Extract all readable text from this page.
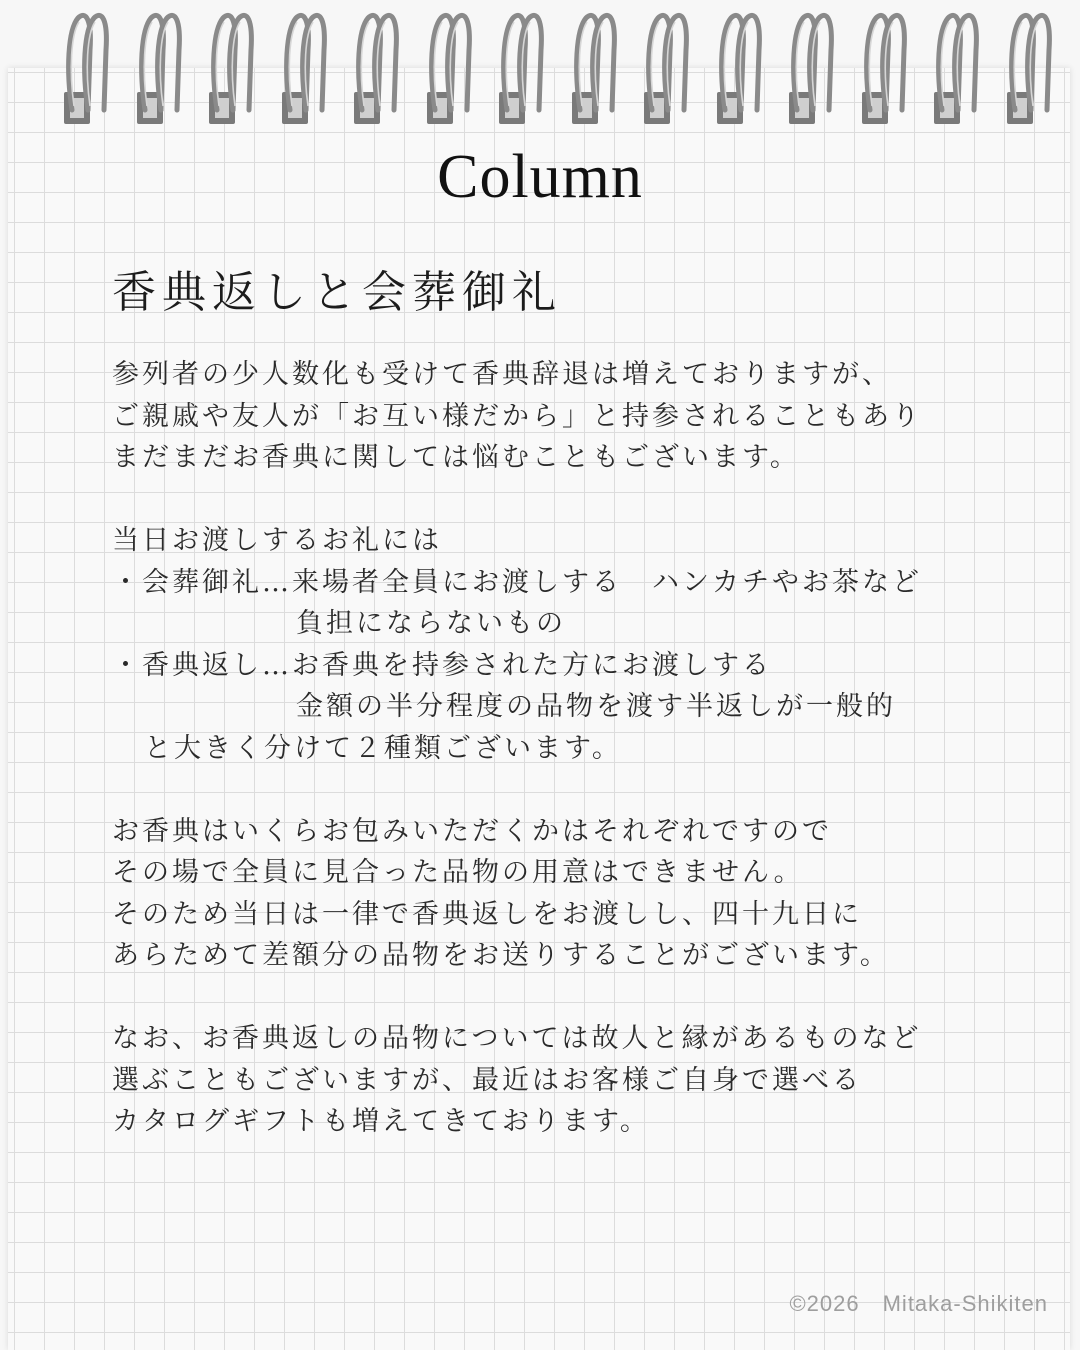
Column
香典返しと会葬御礼

参列者の少人数化も受けて香典辞退は増えておりますが、

ご親戚や友人が「お互い様だから」と持参されることもあり

まだまだお香典に関しては悩むこともございます。

当日お渡しするお礼には

・会葬御礼…来場者全員にお渡しする　ハンカチやお茶など

負担にならないもの

・香典返し…お香典を持参された方にお渡しする

金額の半分程度の品物を渡す半返しが一般的

と大きく分けて２種類ございます。

お香典はいくらお包みいただくかはそれぞれですので

その場で全員に見合った品物の用意はできません。

そのため当日は一律で香典返しをお渡しし、四十九日に

あらためて差額分の品物をお送りすることがございます。

なお、お香典返しの品物については故人と縁があるものなど

選ぶこともございますが、最近はお客様ご自身で選べる

カタログギフトも増えてきております。

©2026　Mitaka-Shikiten
